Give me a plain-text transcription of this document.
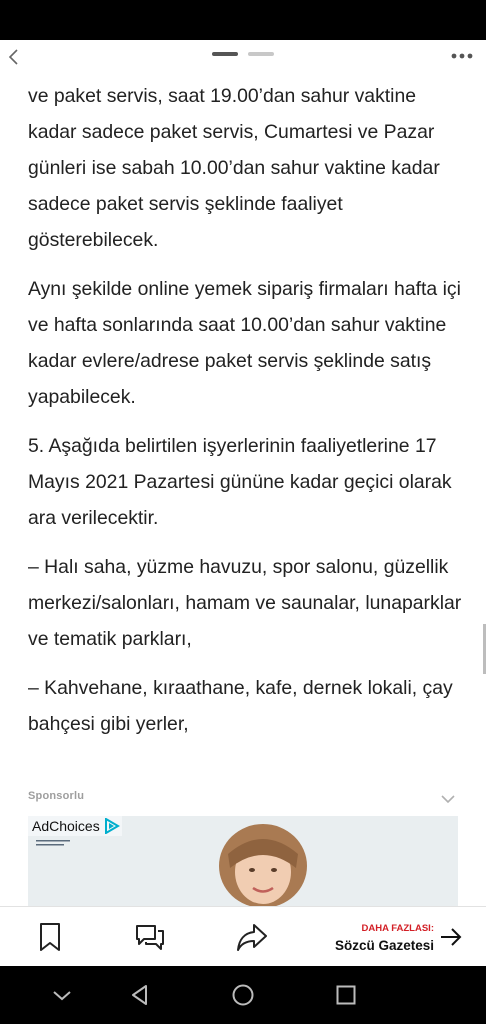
ve paket servis, saat 19.00’dan sahur vaktine kadar sadece paket servis, Cumartesi ve Pazar günleri ise sabah 10.00’dan sahur vaktine kadar sadece paket servis şeklinde faaliyet gösterebilecek.

Aynı şekilde online yemek sipariş firmaları hafta içi ve hafta sonlarında saat 10.00’dan sahur vaktine kadar evlere/adrese paket servis şeklinde satış yapabilecek.

5. Aşağıda belirtilen işyerlerinin faaliyetlerine 17 Mayıs 2021 Pazartesi gününe kadar geçici olarak ara verilecektir.

– Halı saha, yüzme havuzu, spor salonu, güzellik merkezi/salonları, hamam ve saunalar, lunaparklar ve tematik parkları,

– Kahvehane, kıraathane, kafe, dernek lokali, çay bahçesi gibi yerler,

Sponsorlu
AdChoices
DAHA FAZLASI:
Sözcü Gazetesi
